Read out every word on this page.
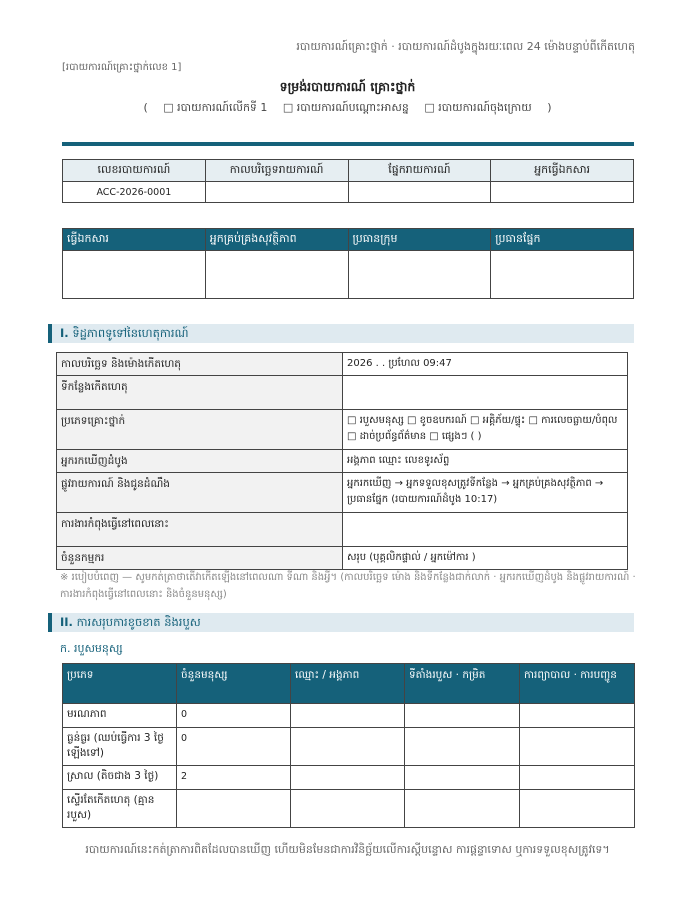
របាយការណ៍គ្រោះថ្នាក់ · របាយការណ៍ដំបូងក្នុងរយៈពេល 24 ម៉ោងបន្ទាប់ពីកើតហេតុ
[របាយការណ៍គ្រោះថ្នាក់លេខ 1]
ទម្រង់របាយការណ៍ គ្រោះថ្នាក់
( □ របាយការណ៍លើកទី 1 □ របាយការណ៍បណ្ដោះអាសន្ន □ របាយការណ៍ចុងក្រោយ )
លេខរបាយការណ៍	កាលបរិច្ឆេទរាយការណ៍	ផ្នែករាយការណ៍	អ្នកធ្វើឯកសារ
ACC-2026-0001			
ធ្វើឯកសារ	អ្នកគ្រប់គ្រងសុវត្ថិភាព	ប្រធានក្រុម	ប្រធានផ្នែក

I. ទិដ្ឋភាពទូទៅនៃហេតុការណ៍
កាលបរិច្ឆេទ និងម៉ោងកើតហេតុ	2026 . . ប្រហែល 09:47
ទីកន្លែងកើតហេតុ	
ប្រភេទគ្រោះថ្នាក់	□ របួសមនុស្ស □ ខូចឧបករណ៍ □ អគ្គិភ័យ/ផ្ទុះ □ ការលេចធ្លាយ/បំពុល □ ដាច់ប្រព័ន្ធព័ត៌មាន □ ផ្សេងៗ ( )
អ្នករកឃើញដំបូង	អង្គភាព ឈ្មោះ លេខទូរស័ព្ទ
ផ្លូវរាយការណ៍ និងជូនដំណឹង	អ្នករកឃើញ → អ្នកទទួលខុសត្រូវទីកន្លែង → អ្នកគ្រប់គ្រងសុវត្ថិភាព → ប្រធានផ្នែក (របាយការណ៍ដំបូង 10:17)
ការងារកំពុងធ្វើនៅពេលនោះ	
ចំនួនកម្មករ	សរុប (បុគ្គលិកផ្ទាល់ / អ្នកម៉ៅការ )
※ របៀបបំពេញ — សូមកត់ត្រាថាតើវាកើតឡើងនៅពេលណា ទីណា និងអ្វី។ (កាលបរិច្ឆេទ ម៉ោង និងទីកន្លែងជាក់លាក់ · អ្នករកឃើញដំបូង និងផ្លូវរាយការណ៍ · ការងារកំពុងធ្វើនៅពេលនោះ និងចំនួនមនុស្ស)
II. ការសរុបការខូចខាត និងរបួស
ក. របួសមនុស្ស
ប្រភេទ	ចំនួនមនុស្ស	ឈ្មោះ / អង្គភាព	ទីតាំងរបួស · កម្រិត	ការព្យាបាល · ការបញ្ជូន
មរណភាព	0			
ធ្ងន់ធ្ងរ (ឈប់ធ្វើការ 3 ថ្ងៃឡើងទៅ)	0			
ស្រាល (តិចជាង 3 ថ្ងៃ)	2			
ស្ទើរតែកើតហេតុ (គ្មានរបួស)				
របាយការណ៍នេះកត់ត្រាការពិតដែលបានឃើញ ហើយមិនមែនជាការវិនិច្ឆ័យលើការស្ដីបន្ទោស ការផ្ដន្ទាទោស ឬការទទួលខុសត្រូវទេ។
